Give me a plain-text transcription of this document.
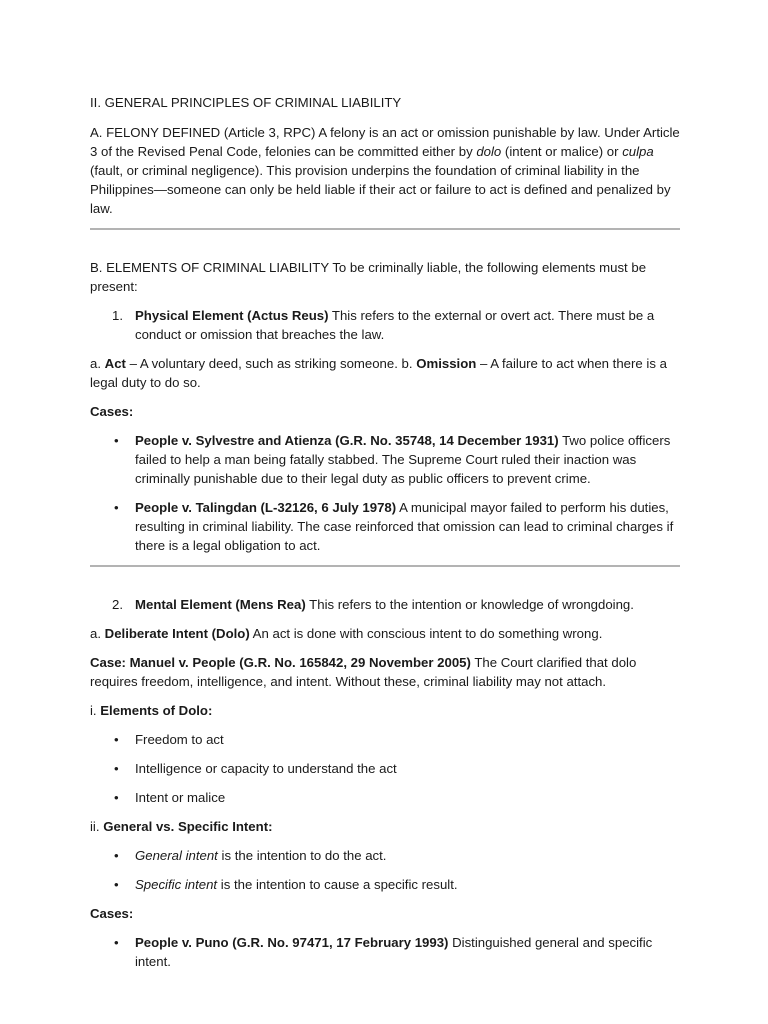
II. GENERAL PRINCIPLES OF CRIMINAL LIABILITY

A. FELONY DEFINED (Article 3, RPC) A felony is an act or omission punishable by law. Under Article 3 of the Revised Penal Code, felonies can be committed either by dolo (intent or malice) or culpa (fault, or criminal negligence). This provision underpins the foundation of criminal liability in the Philippines—someone can only be held liable if their act or failure to act is defined and penalized by law.

B. ELEMENTS OF CRIMINAL LIABILITY To be criminally liable, the following elements must be present:

1. Physical Element (Actus Reus) This refers to the external or overt act. There must be a conduct or omission that breaches the law.

a. Act – A voluntary deed, such as striking someone. b. Omission – A failure to act when there is a legal duty to do so.

Cases:

• People v. Sylvestre and Atienza (G.R. No. 35748, 14 December 1931) Two police officers failed to help a man being fatally stabbed. The Supreme Court ruled their inaction was criminally punishable due to their legal duty as public officers to prevent crime.
• People v. Talingdan (L-32126, 6 July 1978) A municipal mayor failed to perform his duties, resulting in criminal liability. The case reinforced that omission can lead to criminal charges if there is a legal obligation to act.
2. Mental Element (Mens Rea) This refers to the intention or knowledge of wrongdoing.

a. Deliberate Intent (Dolo) An act is done with conscious intent to do something wrong.

Case: Manuel v. People (G.R. No. 165842, 29 November 2005) The Court clarified that dolo requires freedom, intelligence, and intent. Without these, criminal liability may not attach.

i. Elements of Dolo:

• Freedom to act
• Intelligence or capacity to understand the act
• Intent or malice

ii. General vs. Specific Intent:

• General intent is the intention to do the act.
• Specific intent is the intention to cause a specific result.

Cases:

• People v. Puno (G.R. No. 97471, 17 February 1993) Distinguished general and specific intent.
